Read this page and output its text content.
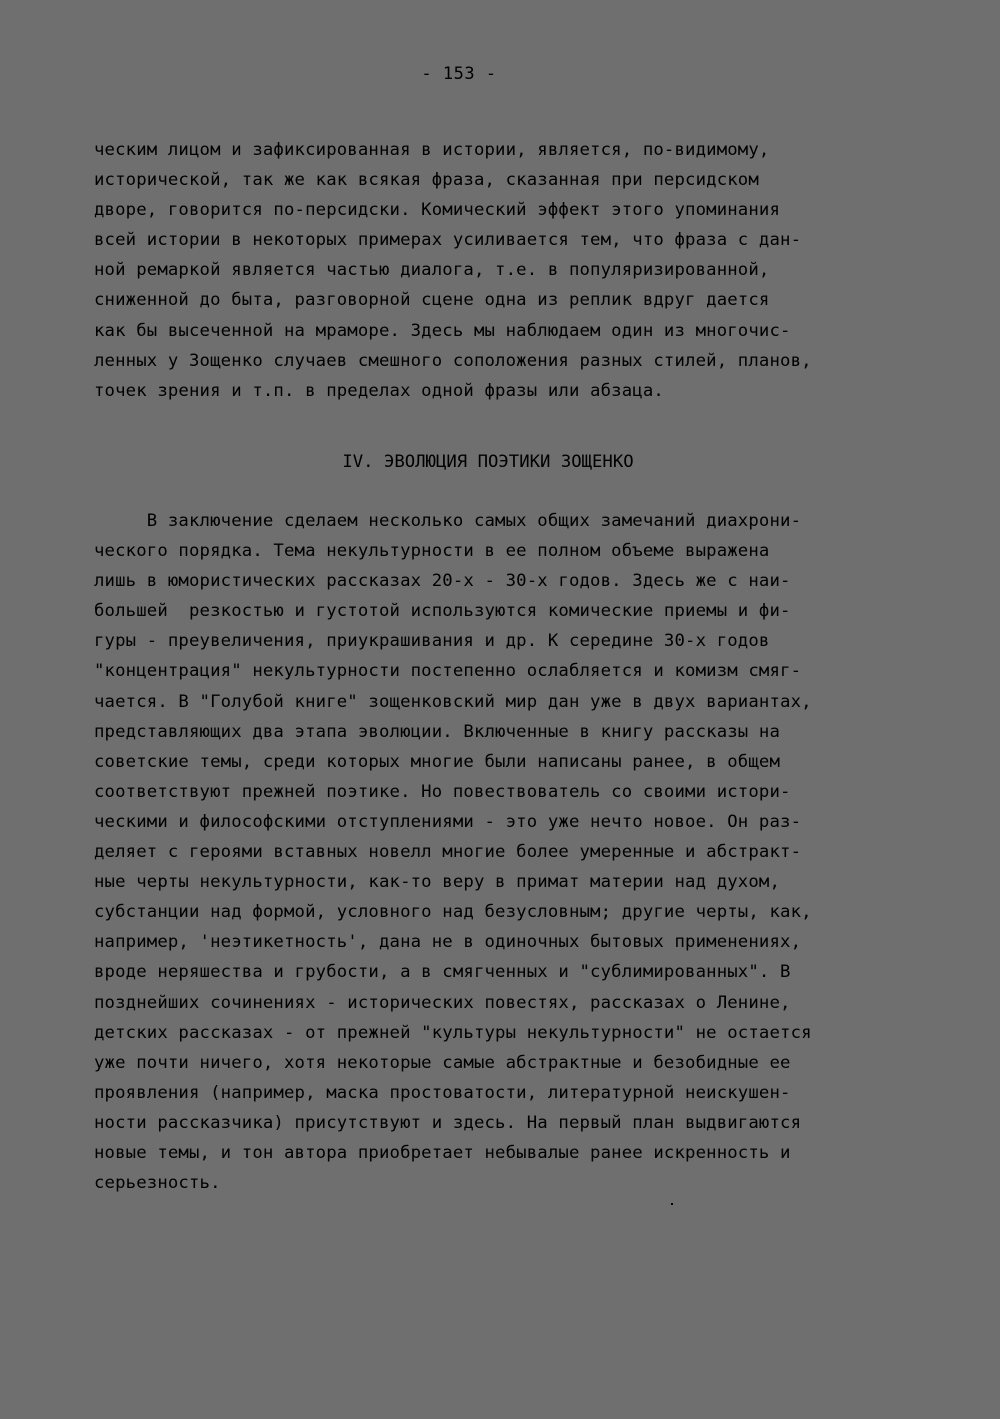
- 153 -
ческим лицом и зафиксированная в истории, является, по-видимому,
исторической, так же как всякая фраза, сказанная при персидском
дворе, говорится по-персидски. Комический эффект этого упоминания
всей истории в некоторых примерах усиливается тем, что фраза с дан-
ной ремаркой является частью диалога, т.е. в популяризированной,
сниженной до быта, разговорной сцене одна из реплик вдруг дается
как бы высеченной на мраморе. Здесь мы наблюдаем один из многочис-
ленных у Зощенко случаев смешного соположения разных стилей, планов,
точек зрения и т.п. в пределах одной фразы или абзаца.
IV. ЭВОЛЮЦИЯ ПОЭТИКИ ЗОЩЕНКО
В заключение сделаем несколько самых общих замечаний диахрони-
ческого порядка. Тема некультурности в ее полном объеме выражена
лишь в юмористических рассказах 20-х - 30-х годов. Здесь же с наи-
большей  резкостью и густотой используются комические приемы и фи-
гуры - преувеличения, приукрашивания и др. К середине 30-х годов
"концентрация" некультурности постепенно ослабляется и комизм смяг-
чается. В "Голубой книге" зощенковский мир дан уже в двух вариантах,
представляющих два этапа эволюции. Включенные в книгу рассказы на
советские темы, среди которых многие были написаны ранее, в общем
соответствуют прежней поэтике. Но повествователь со своими истори-
ческими и философскими отступлениями - это уже нечто новое. Он раз-
деляет с героями вставных новелл многие более умеренные и абстракт-
ные черты некультурности, как-то веру в примат материи над духом,
субстанции над формой, условного над безусловным; другие черты, как,
например, 'неэтикетность', дана не в одиночных бытовых применениях,
вроде неряшества и грубости, а в смягченных и "сублимированных". В
позднейших сочинениях - исторических повестях, рассказах о Ленине,
детских рассказах - от прежней "культуры некультурности" не остается
уже почти ничего, хотя некоторые самые абстрактные и безобидные ее
проявления (например, маска простоватости, литературной неискушен-
ности рассказчика) присутствуют и здесь. На первый план выдвигаются
новые темы, и тон автора приобретает небывалые ранее искренность и
серьезность.
